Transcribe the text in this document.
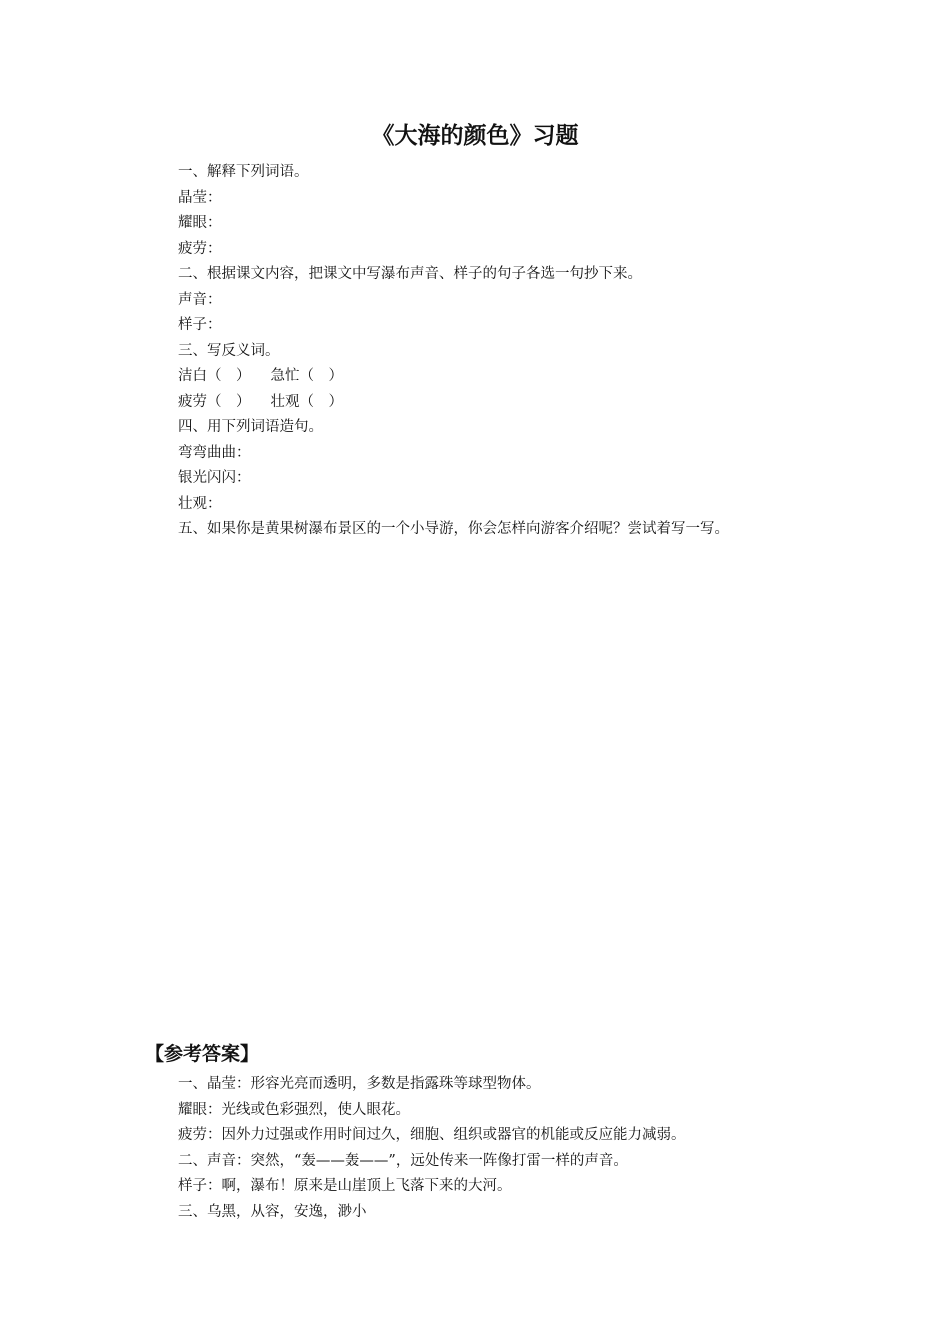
《大海的颜色》习题
一、解释下列词语。
晶莹：
耀眼：
疲劳：
二、根据课文内容，把课文中写瀑布声音、样子的句子各选一句抄下来。
声音：
样子：
三、写反义词。
洁白（　） 急忙（　）
疲劳（　） 壮观（　）
四、用下列词语造句。
弯弯曲曲：
银光闪闪：
壮观：
五、如果你是黄果树瀑布景区的一个小导游，你会怎样向游客介绍呢？尝试着写一写。
【参考答案】
一、晶莹：形容光亮而透明，多数是指露珠等球型物体。
耀眼：光线或色彩强烈，使人眼花。
疲劳：因外力过强或作用时间过久，细胞、组织或器官的机能或反应能力减弱。
二、声音：突然，“轰——轰——”，远处传来一阵像打雷一样的声音。
样子：啊，瀑布！原来是山崖顶上飞落下来的大河。
三、乌黑，从容，安逸，渺小
